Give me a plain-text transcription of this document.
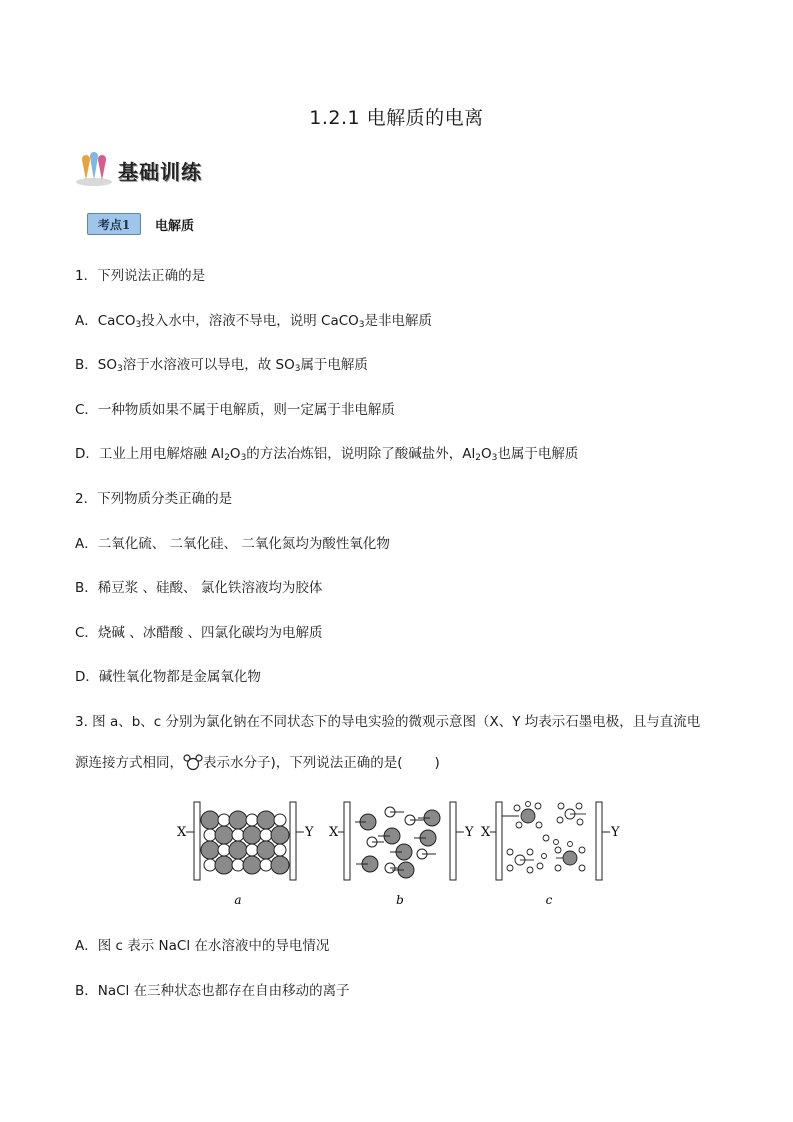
1.2.1 电解质的电离
基础训练
考点1	电解质
1．下列说法正确的是
A．CaCO$_3$投入水中，溶液不导电，说明 CaCO$_3$是非电解质
B．$SO_3$溶于水溶液可以导电，故 $SO_3$属于电解质
C．一种物质如果不属于电解质，则一定属于非电解质
D．工业上用电解熔融 $Al_2O_3$的方法冶炼铝，说明除了酸碱盐外，$Al_2O_3$也属于电解质
2．下列物质分类正确的是
A．二氧化硫、 二氧化硅、 二氧化氮均为酸性氧化物
B．稀豆浆 、硅酸、 氯化铁溶液均为胶体
C．烧碱 、冰醋酸 、四氯化碳均为电解质
D．碱性氧化物都是金属氧化物
3. 图 a、b、c 分别为氯化钠在不同状态下的导电实验的微观示意图（X、Y 均表示石墨电极，且与直流电
源连接方式相同， 表示水分子)，下列说法正确的是( )
X	Y
a
X	Y
b
X	Y
c
A．图 c 表示 NaCl 在水溶液中的导电情况
B．NaCl 在三种状态也都存在自由移动的离子
